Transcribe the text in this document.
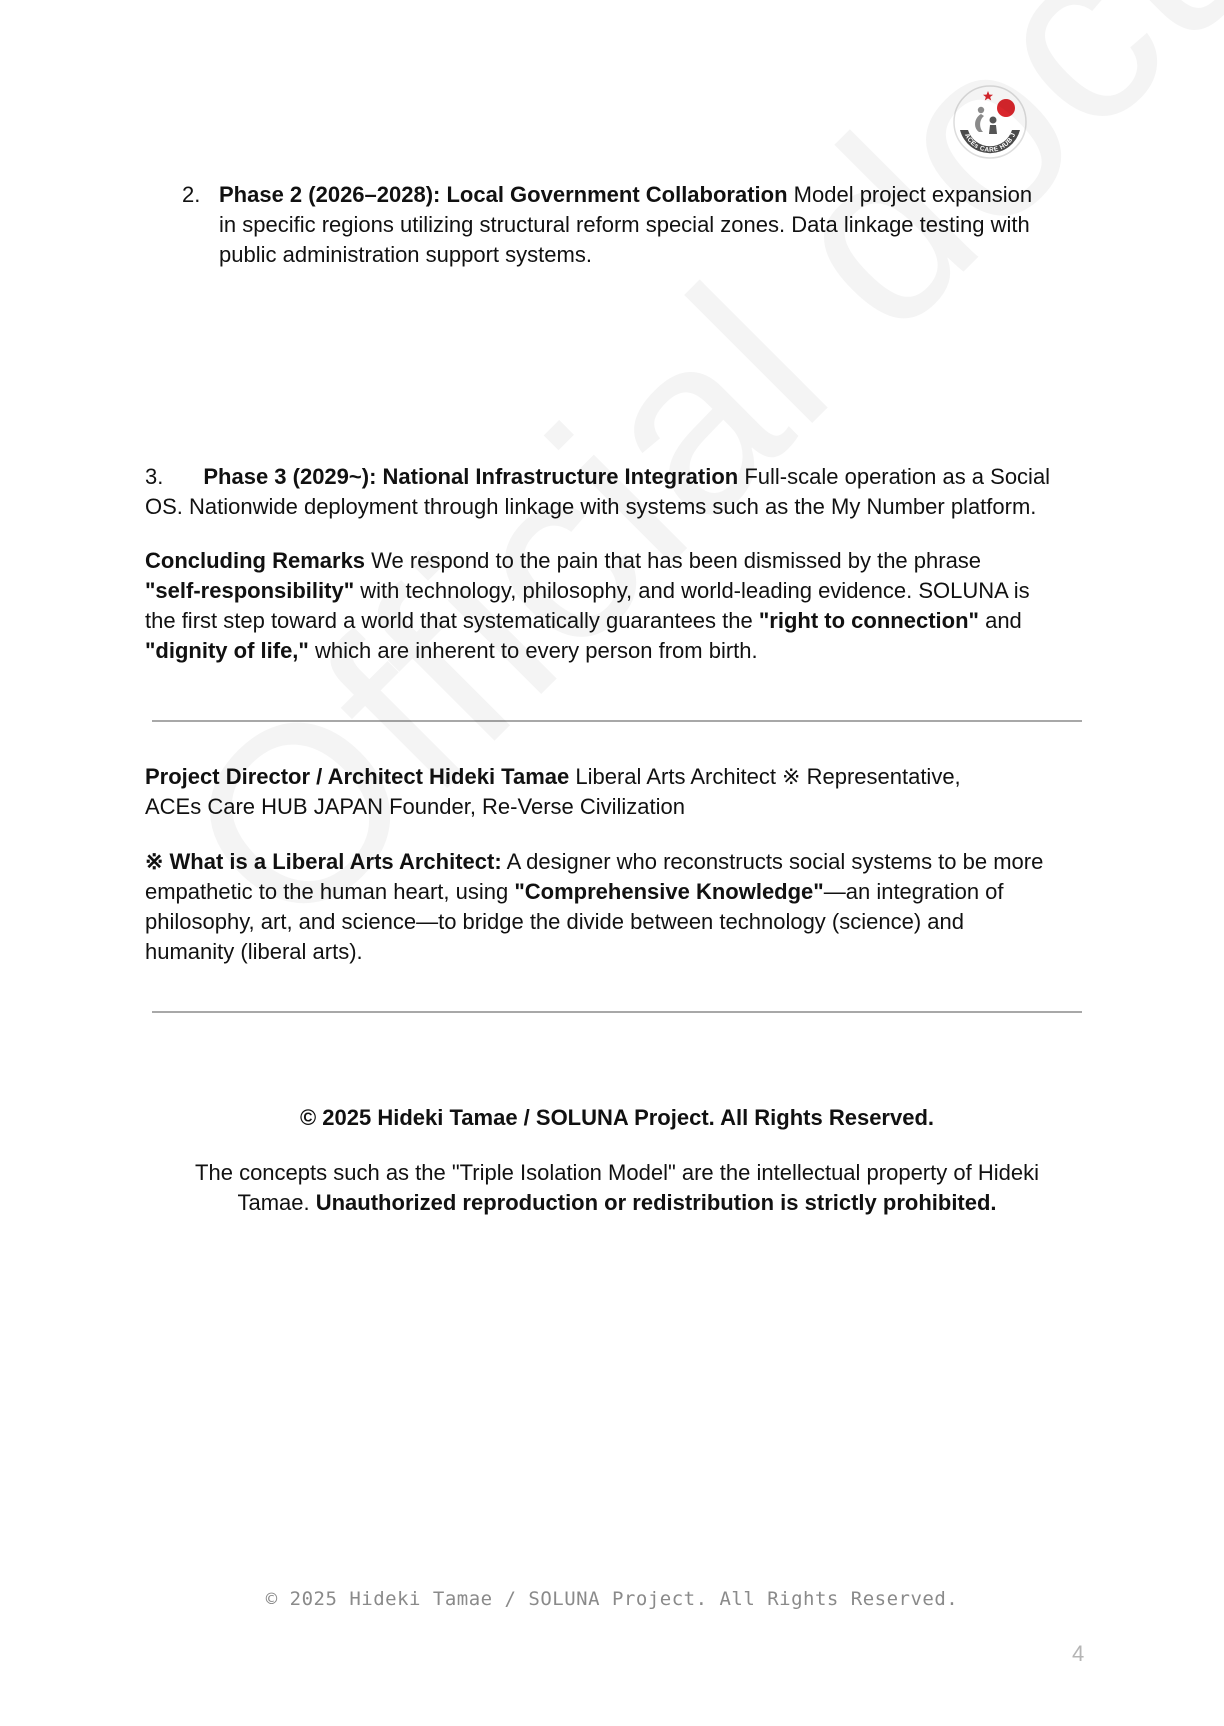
ACEs CARE HUB J
2. Phase 2 (2026–2028): Local Government Collaboration Model project expansion
in specific regions utilizing structural reform special zones. Data linkage testing with
public administration support systems.
3. Phase 3 (2029~): National Infrastructure Integration Full-scale operation as a Social
OS. Nationwide deployment through linkage with systems such as the My Number platform.
Concluding Remarks We respond to the pain that has been dismissed by the phrase
"self-responsibility" with technology, philosophy, and world-leading evidence. SOLUNA is
the first step toward a world that systematically guarantees the "right to connection" and
"dignity of life," which are inherent to every person from birth.
Project Director / Architect Hideki Tamae Liberal Arts Architect ※ Representative,
ACEs Care HUB JAPAN Founder, Re-Verse Civilization
※ What is a Liberal Arts Architect: A designer who reconstructs social systems to be more
empathetic to the human heart, using "Comprehensive Knowledge"—an integration of
philosophy, art, and science—to bridge the divide between technology (science) and
humanity (liberal arts).
© 2025 Hideki Tamae / SOLUNA Project. All Rights Reserved.
The concepts such as the "Triple Isolation Model" are the intellectual property of Hideki
Tamae. Unauthorized reproduction or redistribution is strictly prohibited.
© 2025 Hideki Tamae / SOLUNA Project. All Rights Reserved.
4
